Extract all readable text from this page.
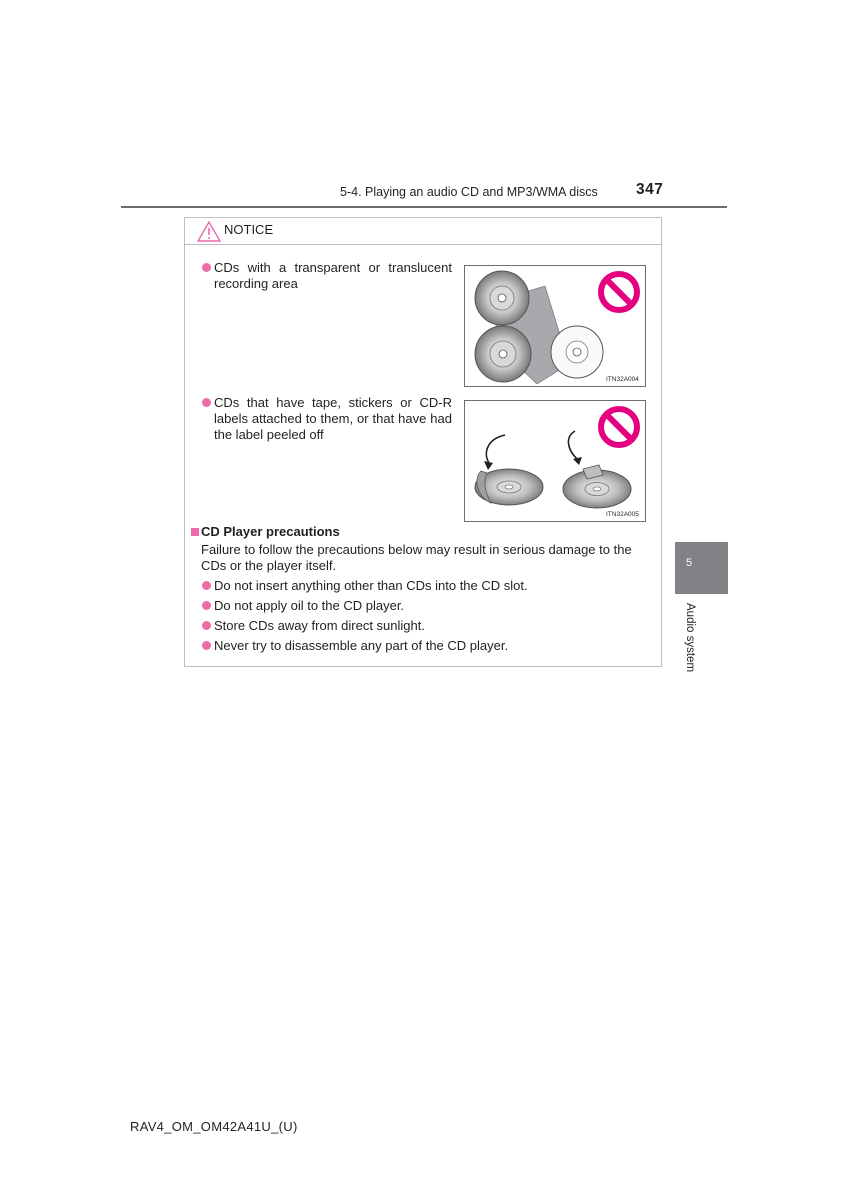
5-4. Playing an audio CD and MP3/WMA discs 347
NOTICE
CDs with a transparent or translucent recording area
ITN32A004
CDs that have tape, stickers or CD-R labels attached to them, or that have had the label peeled off
ITN32A005
CD Player precautions
Failure to follow the precautions below may result in serious damage to the CDs or the player itself.
Do not insert anything other than CDs into the CD slot.
Do not apply oil to the CD player.
Store CDs away from direct sunlight.
Never try to disassemble any part of the CD player.
5
Audio system
RAV4_OM_OM42A41U_(U)
